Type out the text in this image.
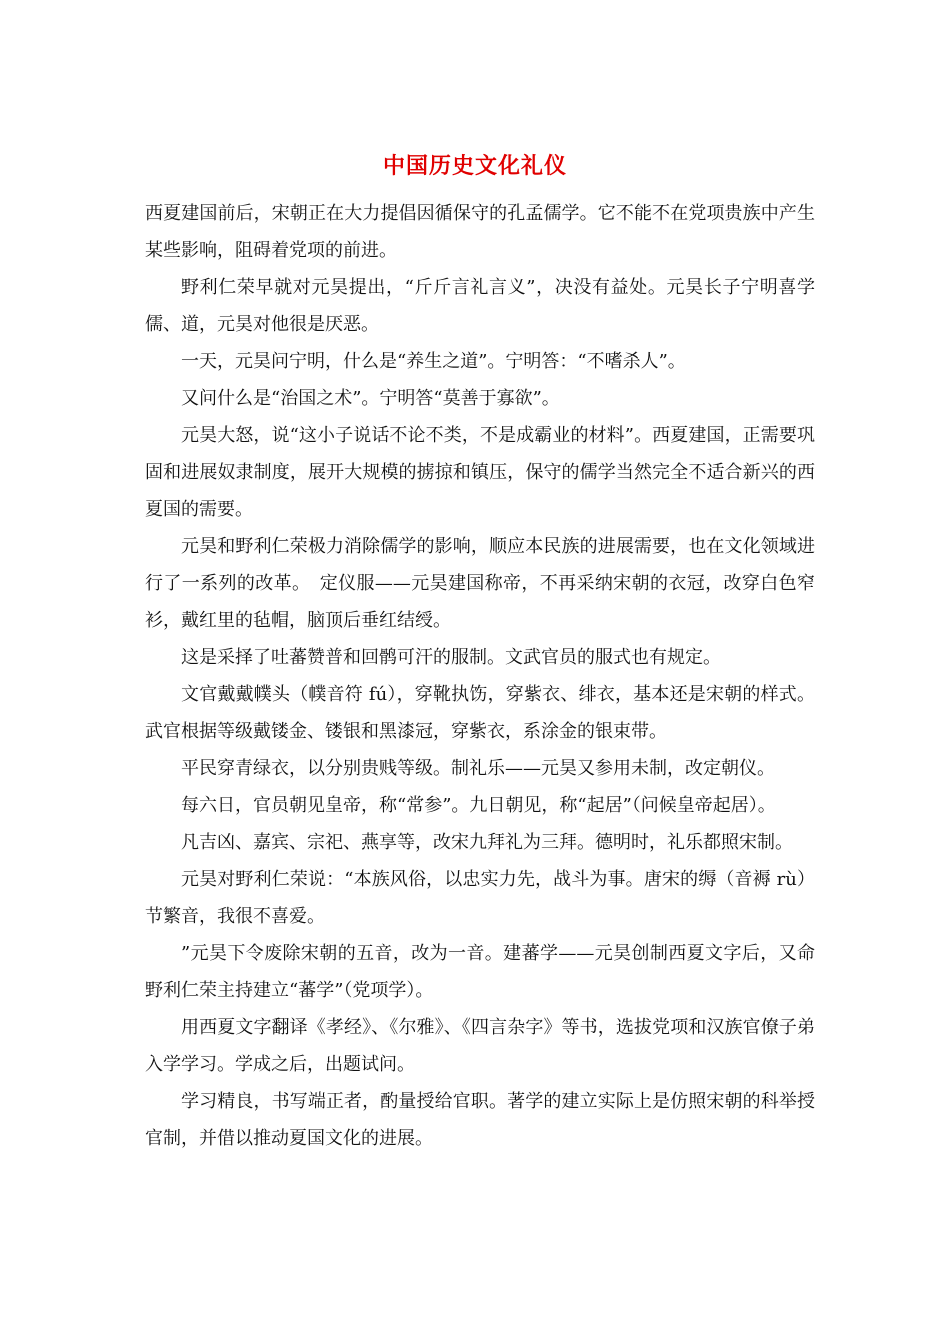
中国历史文化礼仪

西夏建国前后，宋朝正在大力提倡因循保守的孔孟儒学。它不能不在党项贵族中产生某些影响，阻碍着党项的前进。

野利仁荣早就对元昊提出，“斤斤言礼言义”，决没有益处。元昊长子宁明喜学儒、道，元昊对他很是厌恶。

一天，元昊问宁明，什么是“养生之道”。宁明答：“不嗜杀人”。

又问什么是“治国之术”。宁明答“莫善于寡欲”。

元昊大怒，说“这小子说话不论不类，不是成霸业的材料”。西夏建国，正需要巩固和进展奴隶制度，展开大规模的掳掠和镇压，保守的儒学当然完全不适合新兴的西夏国的需要。

元昊和野利仁荣极力消除儒学的影响，顺应本民族的进展需要，也在文化领域进行了一系列的改革。　定仪服——元昊建国称帝，不再采纳宋朝的衣冠，改穿白色窄衫，戴红里的毡帽，脑顶后垂红结绶。

这是采择了吐蕃赞普和回鹘可汗的服制。文武官员的服式也有规定。

文官戴戴幞头（幞音符 fú），穿靴执饬，穿紫衣、绯衣，基本还是宋朝的样式。武官根据等级戴镂金、镂银和黑漆冠，穿紫衣，系涂金的银束带。

平民穿青绿衣，以分别贵贱等级。制礼乐——元昊又参用未制，改定朝仪。

每六日，官员朝见皇帝，称“常参”。九日朝见，称“起居”（问候皇帝起居）。

凡吉凶、嘉宾、宗祀、燕享等，改宋九拜礼为三拜。德明时，礼乐都照宋制。

元昊对野利仁荣说：“本族风俗，以忠实力先，战斗为事。唐宋的缛（音褥 rù）节繁音，我很不喜爱。

”元昊下令废除宋朝的五音，改为一音。建蕃学——元昊创制西夏文字后，又命野利仁荣主持建立“蕃学”（党项学）。

用西夏文字翻译《孝经》、《尔雅》、《四言杂字》等书，选拔党项和汉族官僚子弟入学学习。学成之后，出题试问。

学习精良，书写端正者，酌量授给官职。著学的建立实际上是仿照宋朝的科举授官制，并借以推动夏国文化的进展。
